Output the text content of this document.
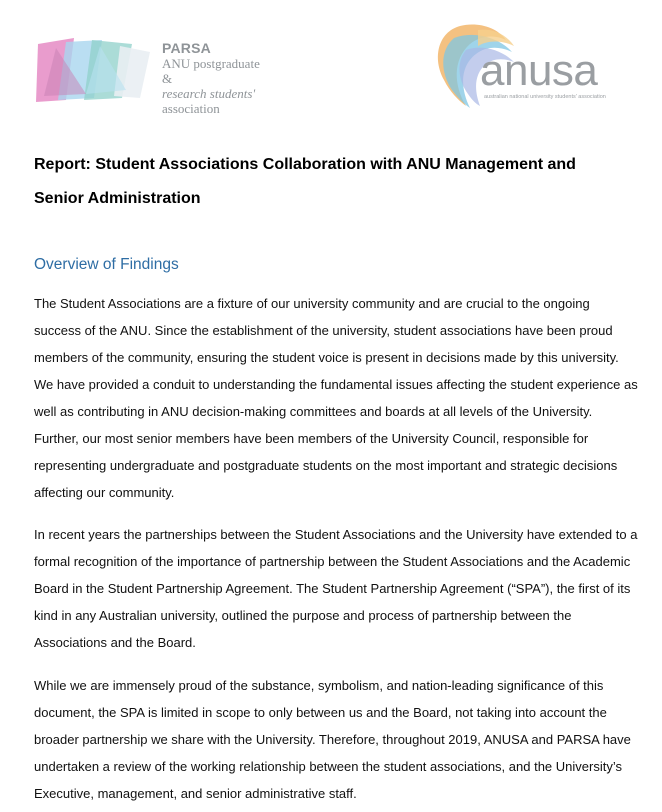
PARSA
ANU postgraduate &
research students'
association
anusa
australian national university students' association
Report: Student Associations Collaboration with ANU Management and
Senior Administration
Overview of Findings

The Student Associations are a fixture of our university community and are crucial to the ongoing success of the ANU. Since the establishment of the university, student associations have been proud members of the community, ensuring the student voice is present in decisions made by this university. We have provided a conduit to understanding the fundamental issues affecting the student experience as well as contributing in ANU decision-making committees and boards at all levels of the University. Further, our most senior members have been members of the University Council, responsible for representing undergraduate and postgraduate students on the most important and strategic decisions affecting our community.

In recent years the partnerships between the Student Associations and the University have extended to a formal recognition of the importance of partnership between the Student Associations and the Academic Board in the Student Partnership Agreement. The Student Partnership Agreement (“SPA”), the first of its kind in any Australian university, outlined the purpose and process of partnership between the Associations and the Board.

While we are immensely proud of the substance, symbolism, and nation-leading significance of this document, the SPA is limited in scope to only between us and the Board, not taking into account the broader partnership we share with the University. Therefore, throughout 2019, ANUSA and PARSA have undertaken a review of the working relationship between the student associations, and the University’s Executive, management, and senior administrative staff.
